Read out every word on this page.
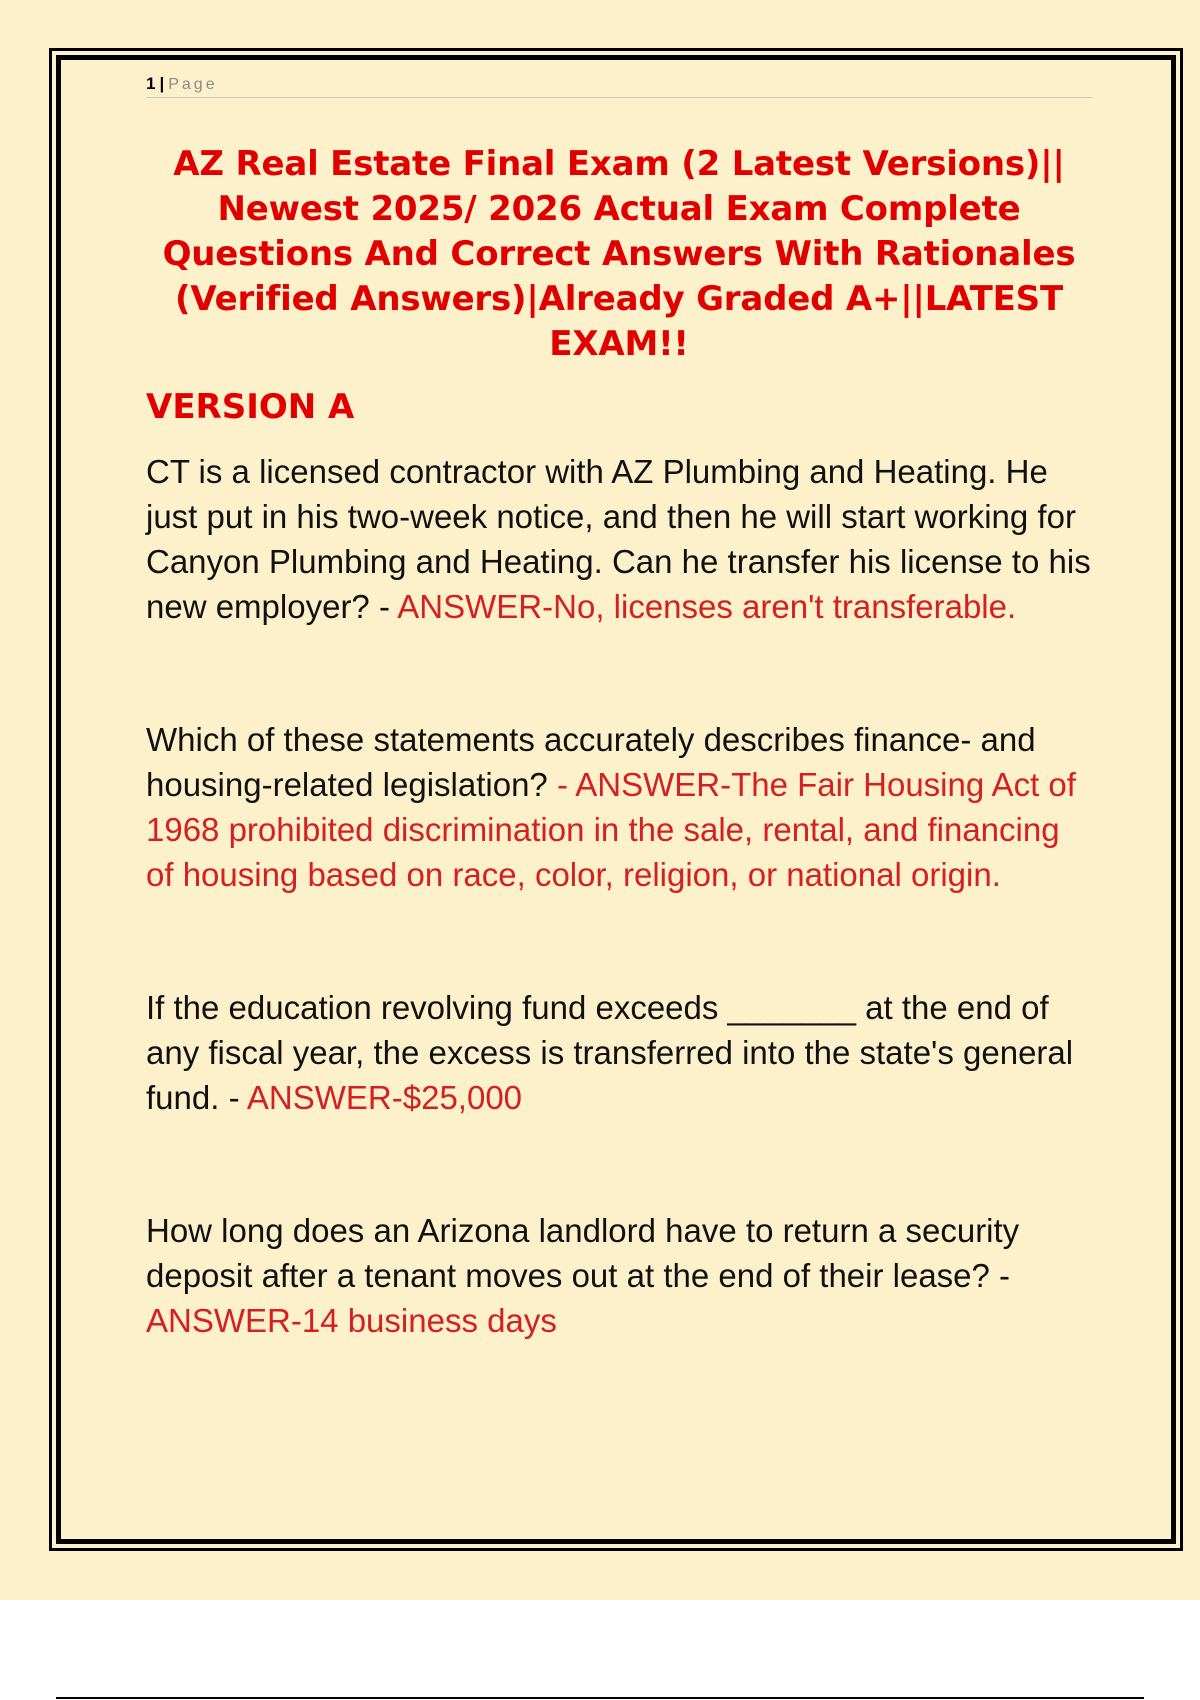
1 | Page
AZ Real Estate Final Exam (2 Latest Versions)|| Newest 2025/ 2026 Actual Exam Complete Questions And Correct Answers With Rationales (Verified Answers)|Already Graded A+||LATEST EXAM!!
VERSION A
CT is a licensed contractor with AZ Plumbing and Heating. He just put in his two-week notice, and then he will start working for Canyon Plumbing and Heating. Can he transfer his license to his new employer? - ANSWER-No, licenses aren't transferable.
Which of these statements accurately describes finance- and housing-related legislation? - ANSWER-The Fair Housing Act of 1968 prohibited discrimination in the sale, rental, and financing of housing based on race, color, religion, or national origin.
If the education revolving fund exceeds _______ at the end of any fiscal year, the excess is transferred into the state's general fund. - ANSWER-$25,000
How long does an Arizona landlord have to return a security deposit after a tenant moves out at the end of their lease? - ANSWER-14 business days
